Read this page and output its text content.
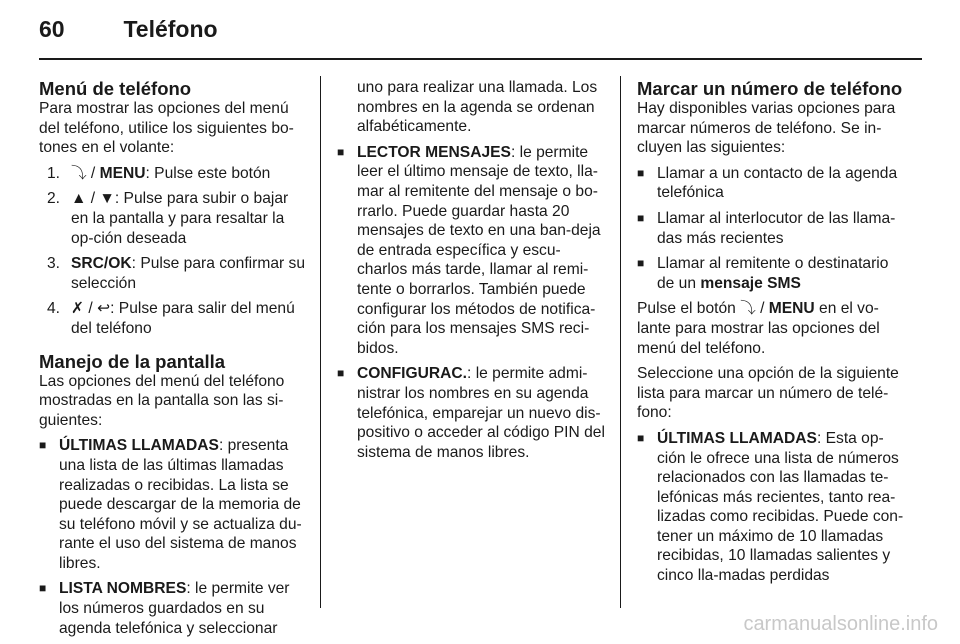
60	Teléfono
Menú de teléfono

Para mostrar las opciones del menú del teléfono, utilice los siguientes bo-tones en el volante:

1. ⤵ / MENU: Pulse este botón
2. ▲ / ▼: Pulse para subir o bajar en la pantalla y para resaltar la op-ción deseada
3. SRC/OK: Pulse para confirmar su selección
4. ✗ / ↩: Pulse para salir del menú del teléfono
Manejo de la pantalla

Las opciones del menú del teléfono mostradas en la pantalla son las si-guientes:

■ ÚLTIMAS LLAMADAS: presenta una lista de las últimas llamadas realizadas o recibidas. La lista se puede descargar de la memoria de su teléfono móvil y se actualiza du-rante el uso del sistema de manos libres.
■ LISTA NOMBRES: le permite ver los números guardados en su agenda telefónica y seleccionar

uno para realizar una llamada. Los nombres en la agenda se ordenan alfabéticamente.

■ LECTOR MENSAJES: le permite leer el último mensaje de texto, lla-mar al remitente del mensaje o bo-rrarlo. Puede guardar hasta 20 mensajes de texto en una ban-deja de entrada específica y escu-charlos más tarde, llamar al remi-tente o borrarlos. También puede configurar los métodos de notifica-ción para los mensajes SMS reci-bidos.
■ CONFIGURAC.: le permite admi-nistrar los nombres en su agenda telefónica, emparejar un nuevo dis-positivo o acceder al código PIN del sistema de manos libres.
Marcar un número de teléfono

Hay disponibles varias opciones para marcar números de teléfono. Se in-cluyen las siguientes:

■ Llamar a un contacto de la agenda telefónica
■ Llamar al interlocutor de las llama-das más recientes
■ Llamar al remitente o destinatario de un mensaje SMS

Pulse el botón ⤵ / MENU en el vo-lante para mostrar las opciones del menú del teléfono.

Seleccione una opción de la siguiente lista para marcar un número de telé-fono:

■ ÚLTIMAS LLAMADAS: Esta op-ción le ofrece una lista de números relacionados con las llamadas te-lefónicas más recientes, tanto rea-lizadas como recibidas. Puede con-tener un máximo de 10 llamadas recibidas, 10 llamadas salientes y cinco lla-madas perdidas
carmanualsonline.info
